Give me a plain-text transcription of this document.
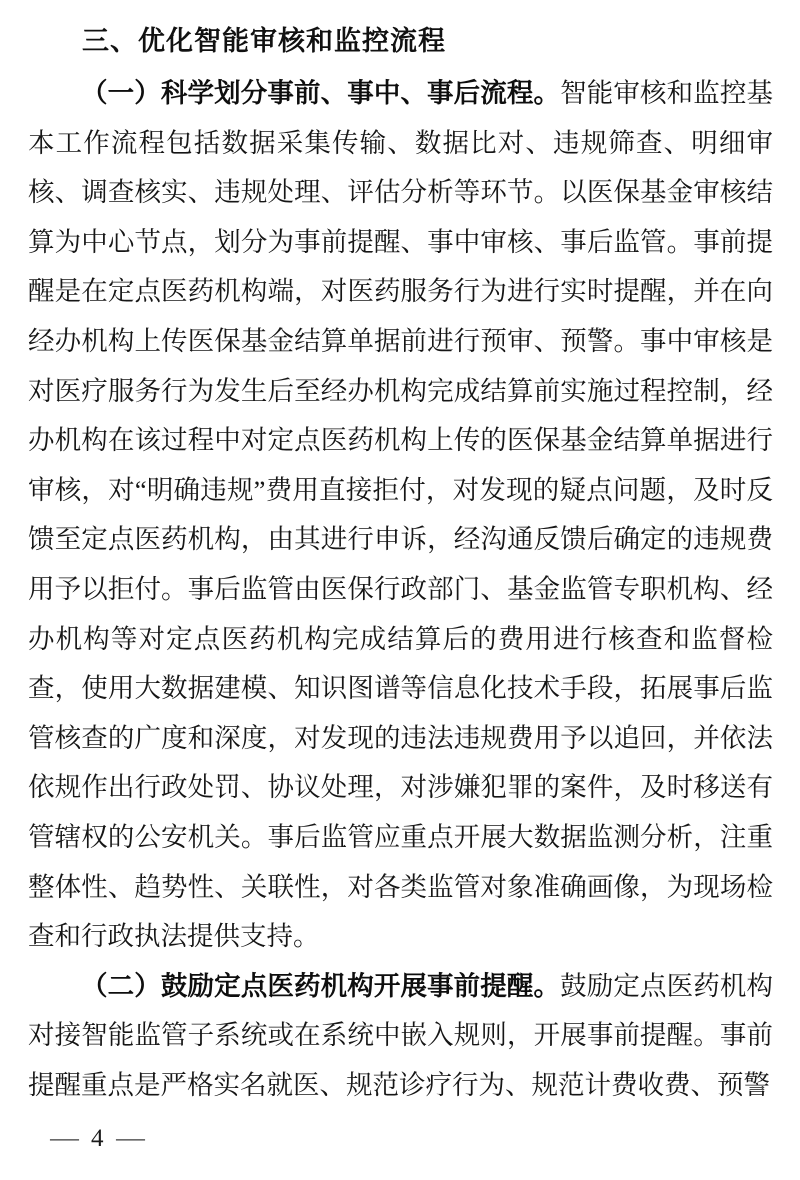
三、优化智能审核和监控流程

（一）科学划分事前、事中、事后流程。智能审核和监控基本工作流程包括数据采集传输、数据比对、违规筛查、明细审核、调查核实、违规处理、评估分析等环节。以医保基金审核结算为中心节点，划分为事前提醒、事中审核、事后监管。事前提醒是在定点医药机构端，对医药服务行为进行实时提醒，并在向经办机构上传医保基金结算单据前进行预审、预警。事中审核是对医疗服务行为发生后至经办机构完成结算前实施过程控制，经办机构在该过程中对定点医药机构上传的医保基金结算单据进行审核，对“明确违规”费用直接拒付，对发现的疑点问题，及时反馈至定点医药机构，由其进行申诉，经沟通反馈后确定的违规费用予以拒付。事后监管由医保行政部门、基金监管专职机构、经办机构等对定点医药机构完成结算后的费用进行核查和监督检查，使用大数据建模、知识图谱等信息化技术手段，拓展事后监管核查的广度和深度，对发现的违法违规费用予以追回，并依法依规作出行政处罚、协议处理，对涉嫌犯罪的案件，及时移送有管辖权的公安机关。事后监管应重点开展大数据监测分析，注重整体性、趋势性、关联性，对各类监管对象准确画像，为现场检查和行政执法提供支持。

（二）鼓励定点医药机构开展事前提醒。鼓励定点医药机构对接智能监管子系统或在系统中嵌入规则，开展事前提醒。事前提醒重点是严格实名就医、规范诊疗行为、规范计费收费、预警

— 4 —
